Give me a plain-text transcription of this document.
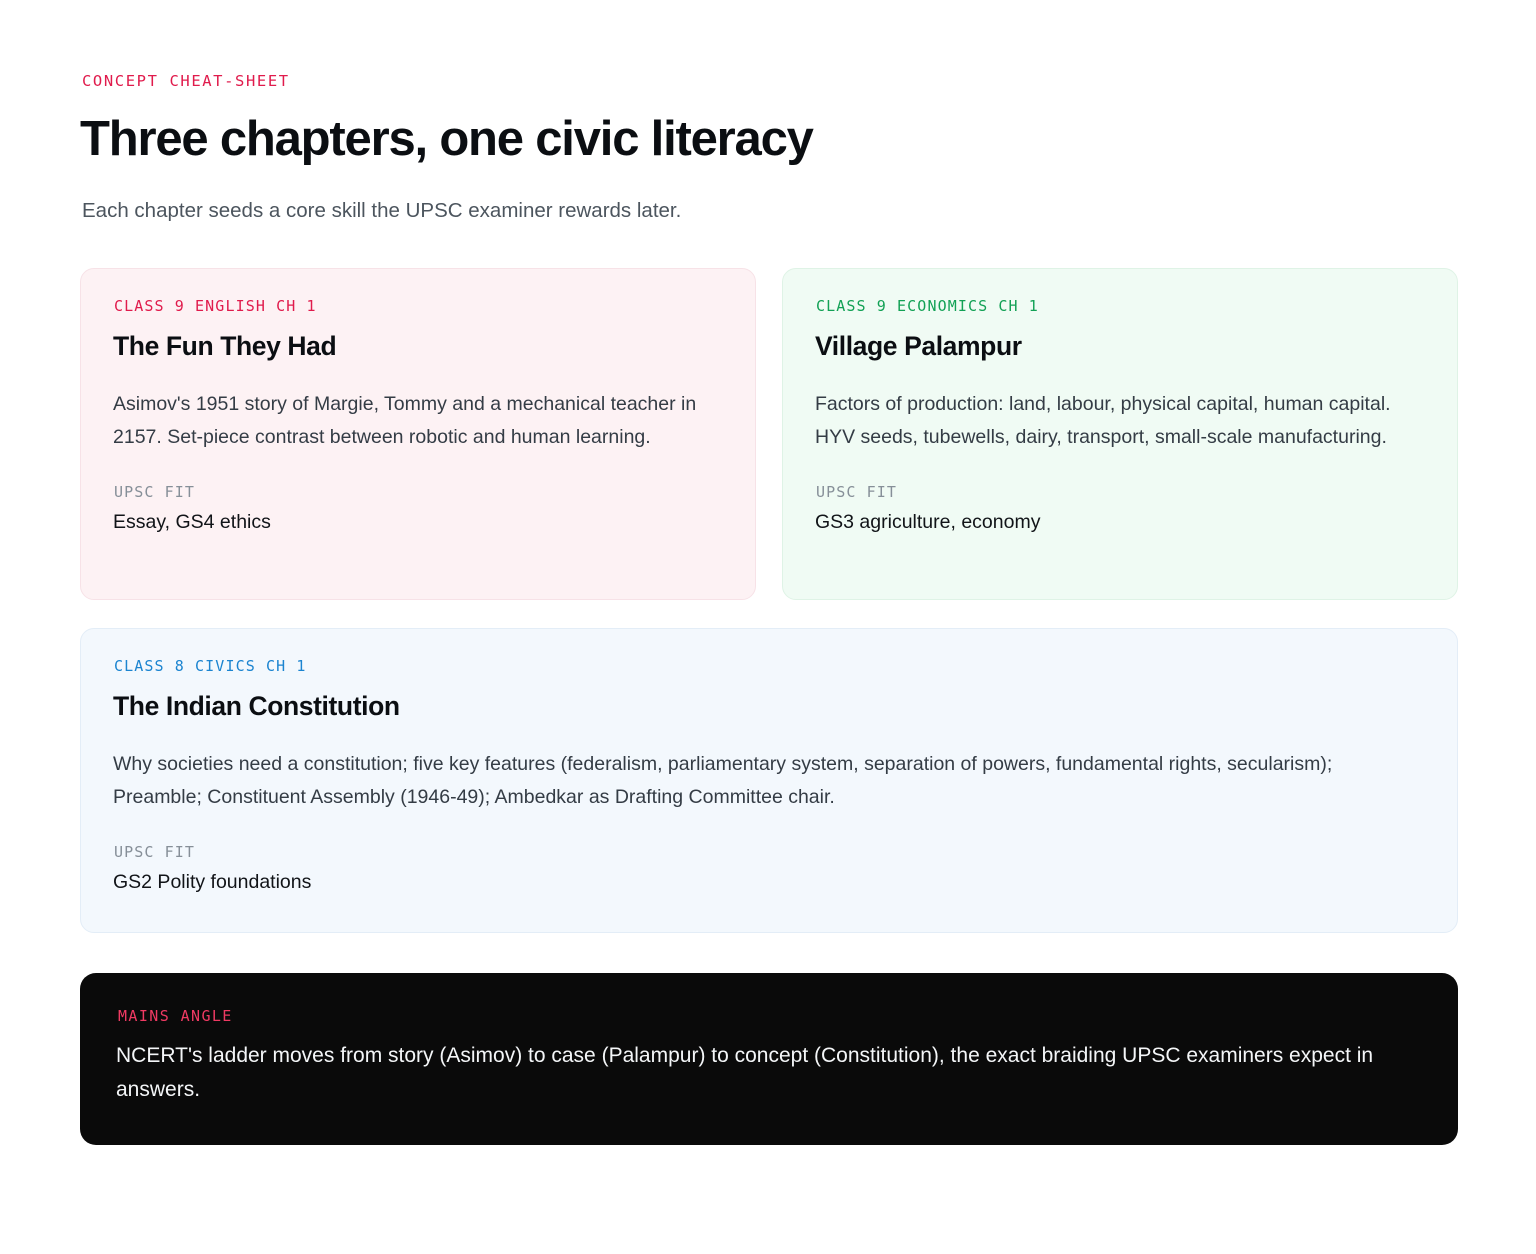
CONCEPT CHEAT-SHEET

Three chapters, one civic literacy

Each chapter seeds a core skill the UPSC examiner rewards later.

CLASS 9 ENGLISH CH 1

The Fun They Had

Asimov's 1951 story of Margie, Tommy and a mechanical teacher in 2157. Set-piece contrast between robotic and human learning.

UPSC FIT

Essay, GS4 ethics

CLASS 9 ECONOMICS CH 1

Village Palampur

Factors of production: land, labour, physical capital, human capital. HYV seeds, tubewells, dairy, transport, small-scale manufacturing.

UPSC FIT

GS3 agriculture, economy

CLASS 8 CIVICS CH 1

The Indian Constitution

Why societies need a constitution; five key features (federalism, parliamentary system, separation of powers, fundamental rights, secularism); Preamble; Constituent Assembly (1946-49); Ambedkar as Drafting Committee chair.

UPSC FIT

GS2 Polity foundations

MAINS ANGLE

NCERT's ladder moves from story (Asimov) to case (Palampur) to concept (Constitution), the exact braiding UPSC examiners expect in answers.
